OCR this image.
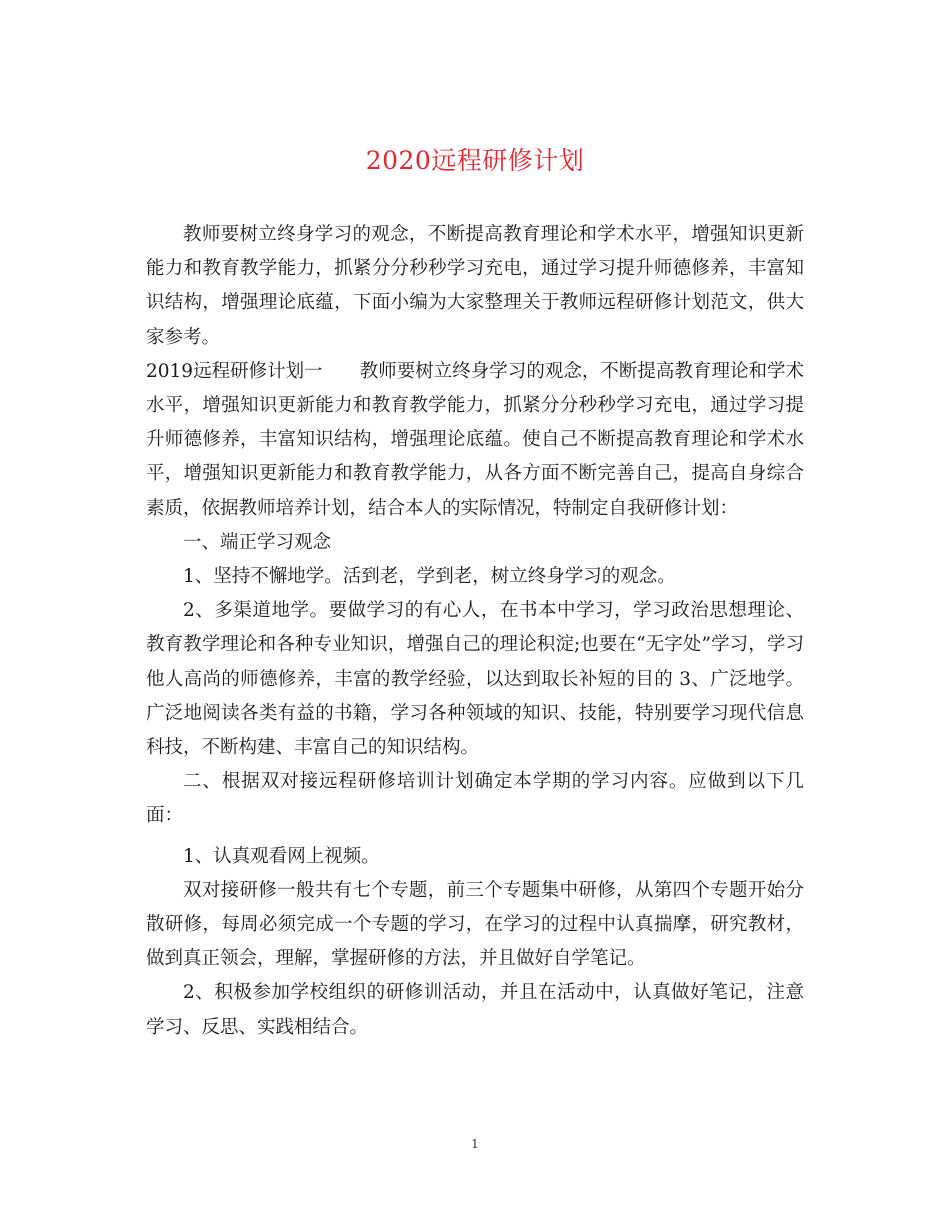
2020远程研修计划

教师要树立终身学习的观念，不断提高教育理论和学术水平，增强知识更新能力和教育教学能力，抓紧分分秒秒学习充电，通过学习提升师德修养，丰富知识结构，增强理论底蕴，下面小编为大家整理关于教师远程研修计划范文，供大家参考。

2019远程研修计划一　　教师要树立终身学习的观念，不断提高教育理论和学术水平，增强知识更新能力和教育教学能力，抓紧分分秒秒学习充电，通过学习提升师德修养，丰富知识结构，增强理论底蕴。使自己不断提高教育理论和学术水平，增强知识更新能力和教育教学能力，从各方面不断完善自己，提高自身综合素质，依据教师培养计划，结合本人的实际情况，特制定自我研修计划：

一、端正学习观念

1、坚持不懈地学。活到老，学到老，树立终身学习的观念。

2、多渠道地学。要做学习的有心人，在书本中学习，学习政治思想理论、教育教学理论和各种专业知识，增强自己的理论积淀;也要在“无字处”学习，学习他人高尚的师德修养，丰富的教学经验，以达到取长补短的目的 3、广泛地学。广泛地阅读各类有益的书籍，学习各种领域的知识、技能，特别要学习现代信息科技，不断构建、丰富自己的知识结构。

二、根据双对接远程研修培训计划确定本学期的学习内容。应做到以下几面：

1、认真观看网上视频。

双对接研修一般共有七个专题，前三个专题集中研修，从第四个专题开始分散研修，每周必须完成一个专题的学习，在学习的过程中认真揣摩，研究教材，做到真正领会，理解，掌握研修的方法，并且做好自学笔记。

2、积极参加学校组织的研修训活动，并且在活动中，认真做好笔记，注意学习、反思、实践相结合。

1
